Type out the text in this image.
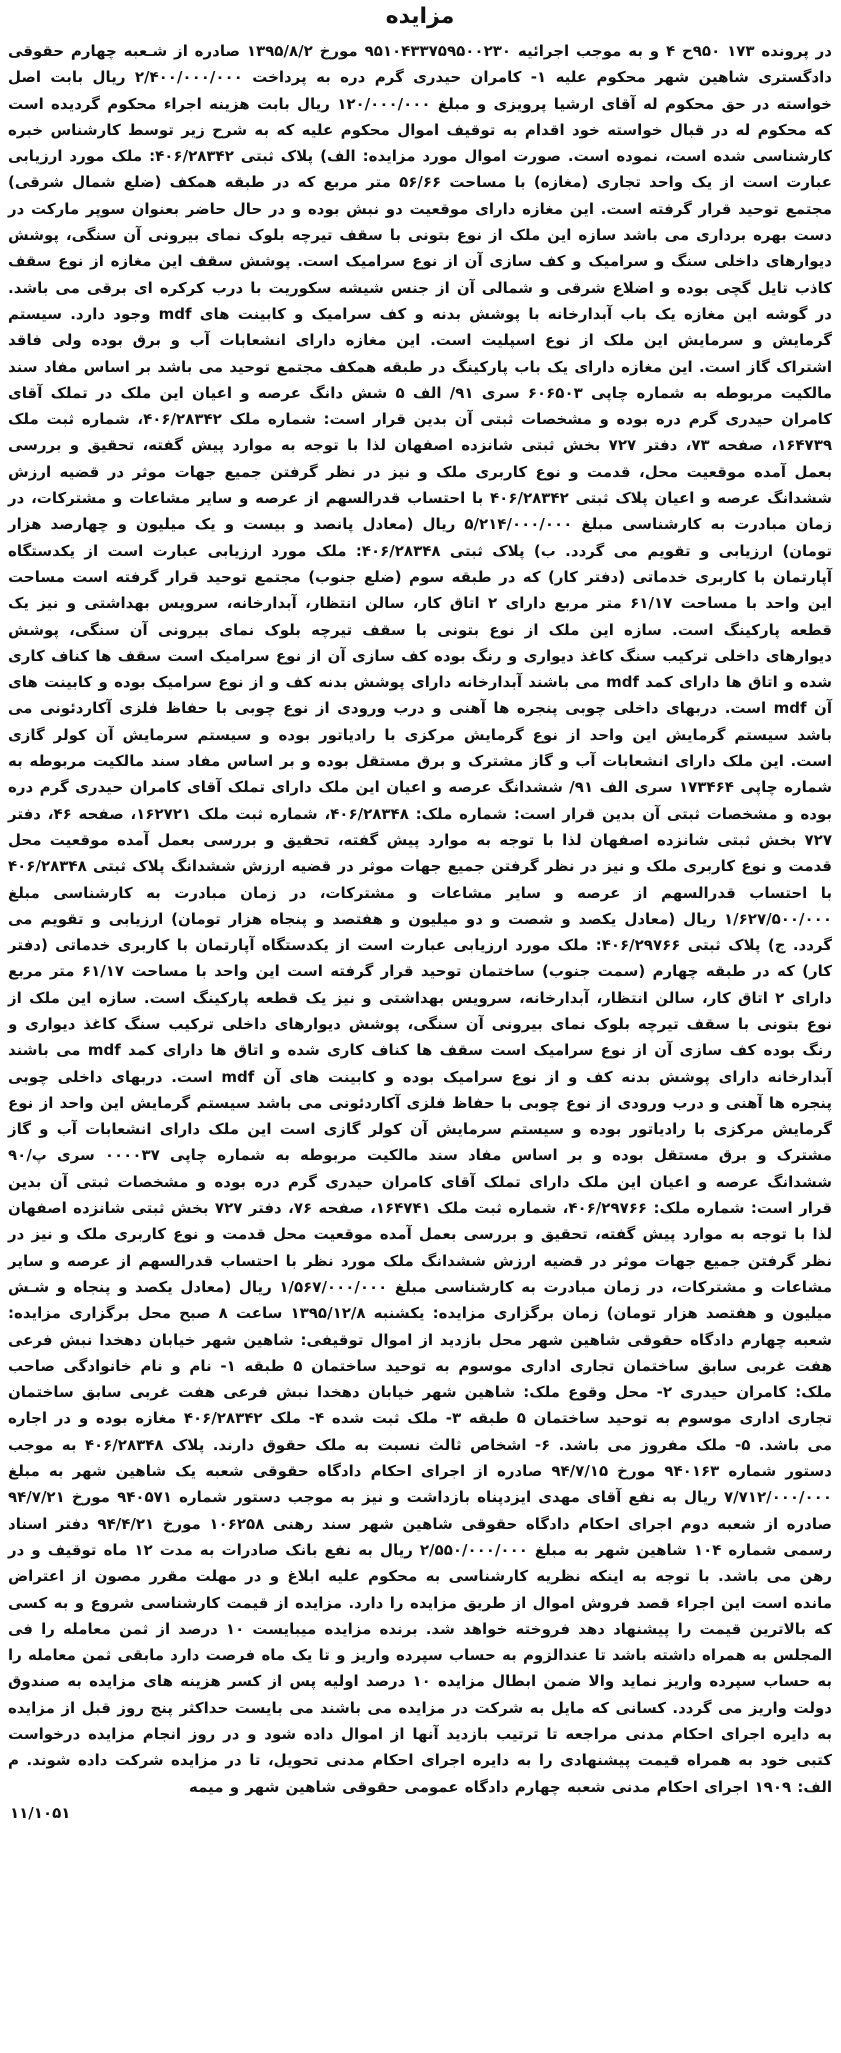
مزایده

در پرونده ۱۷۳ ۹۵۰ح ۴ و به موجب اجرائیه ۹۵۱۰۴۳۳۷۵۹۵۰۰۲۳۰ مورخ ۱۳۹۵/۸/۲ صادره از شـعبه چهارم حقوقی دادگستری شاهین شهر محکوم علیه ۱- کامران حیدری گرم دره به پرداخت ۲/۴۰۰/۰۰۰/۰۰۰ ریال بابت اصل خواسته در حق محکوم له آقای ارشیا پرویزی و مبلغ ۱۲۰/۰۰۰/۰۰۰ ریال بابت هزینه اجراء محکوم گردیده است که محکوم له در قبال خواسته خود اقدام به توقیف اموال محکوم علیه که به شرح زیر توسط کارشناس خبره کارشناسی شده است، نموده است. صورت اموال مورد مزایده: الف) پلاک ثبتی ۴۰۶/۲۸۳۴۲: ملک مورد ارزیابی عبارت است از یک واحد تجاری (مغازه) با مساحت ۵۶/۶۶ متر مربع که در طبقه همکف (ضلع شمال شرقی) مجتمع توحید قرار گرفته است. این مغازه دارای موقعیت دو نبش بوده و در حال حاضر بعنوان سوپر مارکت در دست بهره برداری می باشد سازه این ملک از نوع بتونی با سقف تیرچه بلوک نمای بیرونی آن سنگی، پوشش دیوارهای داخلی سنگ و سرامیک و کف سازی آن از نوع سرامیک است. پوشش سقف این مغازه از نوع سقف کاذب تایل گچی بوده و اضلاع شرقی و شمالی آن از جنس شیشه سکوریت با درب کرکره ای برقی می باشد. در گوشه این مغازه یک باب آبدارخانه با پوشش بدنه و کف سرامیک و کابینت های mdf وجود دارد. سیستم گرمایش و سرمایش این ملک از نوع اسپلیت است. این مغازه دارای انشعابات آب و برق بوده ولی فاقد اشتراک گاز است. این مغازه دارای یک باب پارکینگ در طبقه همکف مجتمع توحید می باشد بر اساس مفاد سند مالکیت مربوطه به شماره چاپی ۶۰۶۵۰۳ سری ۹۱/ الف ۵ شش دانگ عرصه و اعیان این ملک در تملک آقای کامران حیدری گرم دره بوده و مشخصات ثبتی آن بدین قرار است: شماره ملک ۴۰۶/۲۸۳۴۲، شماره ثبت ملک ۱۶۴۷۳۹، صفحه ۷۳، دفتر ۷۲۷ بخش ثبتی شانزده اصفهان لذا با توجه به موارد پیش گفته، تحقیق و بررسی بعمل آمده موقعیت محل، قدمت و نوع کاربری ملک و نیز در نظر گرفتن جمیع جهات موثر در قضیه ارزش ششدانگ عرصه و اعیان پلاک ثبتی ۴۰۶/۲۸۳۴۲ با احتساب قدرالسهم از عرصه و سایر مشاعات و مشترکات، در زمان مبادرت به کارشناسی مبلغ ۵/۲۱۴/۰۰۰/۰۰۰ ریال (معادل پانصد و بیست و یک میلیون و چهارصد هزار تومان) ارزیابی و تقویم می گردد. ب) پلاک ثبتی ۴۰۶/۲۸۳۴۸: ملک مورد ارزیابی عبارت است از یکدستگاه آپارتمان با کاربری خدماتی (دفتر کار) که در طبقه سوم (ضلع جنوب) مجتمع توحید قرار گرفته است مساحت این واحد با مساحت ۶۱/۱۷ متر مربع دارای ۲ اتاق کار، سالن انتظار، آبدارخانه، سرویس بهداشتی و نیز یک قطعه پارکینگ است. سازه این ملک از نوع بتونی با سقف تیرچه بلوک نمای بیرونی آن سنگی، پوشش دیوارهای داخلی ترکیب سنگ کاغذ دیواری و رنگ بوده کف سازی آن از نوع سرامیک است سقف ها کناف کاری شده و اتاق ها دارای کمد mdf می باشند آبدارخانه دارای پوشش بدنه کف و از نوع سرامیک بوده و کابینت های آن mdf است. دربهای داخلی چوبی پنجره ها آهنی و درب ورودی از نوع چوبی با حفاظ فلزی آکاردئونی می باشد سیستم گرمایش این واحد از نوع گرمایش مرکزی با رادیاتور بوده و سیستم سرمایش آن کولر گازی است. این ملک دارای انشعابات آب و گاز مشترک و برق مستقل بوده و بر اساس مفاد سند مالکیت مربوطه به شماره چاپی ۱۷۳۴۶۴ سری الف ۹۱/ ششدانگ عرصه و اعیان این ملک دارای تملک آقای کامران حیدری گرم دره بوده و مشخصات ثبتی آن بدین قرار است: شماره ملک: ۴۰۶/۲۸۳۴۸، شماره ثبت ملک ۱۶۲۷۲۱، صفحه ۴۶، دفتر ۷۲۷ بخش ثبتی شانزده اصفهان لذا با توجه به موارد پیش گفته، تحقیق و بررسی بعمل آمده موقعیت محل قدمت و نوع کاربری ملک و نیز در نظر گرفتن جمیع جهات موثر در قضیه ارزش ششدانگ پلاک ثبتی ۴۰۶/۲۸۳۴۸ با احتساب قدرالسهم از عرصه و سایر مشاعات و مشترکات، در زمان مبادرت به کارشناسی مبلغ ۱/۶۲۷/۵۰۰/۰۰۰ ریال (معادل یکصد و شصت و دو میلیون و هفتصد و پنجاه هزار تومان) ارزیابی و تقویم می گردد. ج) پلاک ثبتی ۴۰۶/۲۹۷۶۶: ملک مورد ارزیابی عبارت است از یکدستگاه آپارتمان با کاربری خدماتی (دفتر کار) که در طبقه چهارم (سمت جنوب) ساختمان توحید قرار گرفته است این واحد با مساحت ۶۱/۱۷ متر مربع دارای ۲ اتاق کار، سالن انتظار، آبدارخانه، سرویس بهداشتی و نیز یک قطعه پارکینگ است. سازه این ملک از نوع بتونی با سقف تیرچه بلوک نمای بیرونی آن سنگی، پوشش دیوارهای داخلی ترکیب سنگ کاغذ دیواری و رنگ بوده کف سازی آن از نوع سرامیک است سقف ها کناف کاری شده و اتاق ها دارای کمد mdf می باشند آبدارخانه دارای پوشش بدنه کف و از نوع سرامیک بوده و کابینت های آن mdf است. دربهای داخلی چوبی پنجره ها آهنی و درب ورودی از نوع چوبی با حفاظ فلزی آکاردئونی می باشد سیستم گرمایش این واحد از نوع گرمایش مرکزی با رادیاتور بوده و سیستم سرمایش آن کولر گازی است این ملک دارای انشعابات آب و گاز مشترک و برق مستقل بوده و بر اساس مفاد سند مالکیت مربوطه به شماره چاپی ۰۰۰۰۳۷ سری پ/۹۰ ششدانگ عرصه و اعیان این ملک دارای تملک آقای کامران حیدری گرم دره بوده و مشخصات ثبتی آن بدین قرار است: شماره ملک: ۴۰۶/۲۹۷۶۶، شماره ثبت ملک ۱۶۴۷۴۱، صفحه ۷۶، دفتر ۷۲۷ بخش ثبتی شانزده اصفهان لذا با توجه به موارد پیش گفته، تحقیق و بررسی بعمل آمده موقعیت محل قدمت و نوع کاربری ملک و نیز در نظر گرفتن جمیع جهات موثر در قضیه ارزش ششدانگ ملک مورد نظر با احتساب قدرالسهم از عرصه و سایر مشاعات و مشترکات، در زمان مبادرت به کارشناسی مبلغ ۱/۵۶۷/۰۰۰/۰۰۰ ریال (معادل یکصد و پنجاه و شـش میلیون و هفتصد هزار تومان) زمان برگزاری مزایده: یکشنبه ۱۳۹۵/۱۲/۸ ساعت ۸ صبح محل برگزاری مزایده: شعبه چهارم دادگاه حقوقی شاهین شهر محل بازدید از اموال توقیفی: شاهین شهر خیابان دهخدا نبش فرعی هفت غربی سابق ساختمان تجاری اداری موسوم به توحید ساختمان ۵ طبقه ۱- نام و نام خانوادگی صاحب ملک: کامران حیدری ۲- محل وقوع ملک: شاهین شهر خیابان دهخدا نبش فرعی هفت غربی سابق ساختمان تجاری اداری موسوم به توحید ساختمان ۵ طبقه ۳- ملک ثبت شده ۴- ملک ۴۰۶/۲۸۳۴۲ مغازه بوده و در اجاره می باشد. ۵- ملک مفروز می باشد. ۶- اشخاص ثالث نسبت به ملک حقوق دارند. پلاک ۴۰۶/۲۸۳۴۸ به موجب دستور شماره ۹۴۰۱۶۳ مورخ ۹۴/۷/۱۵ صادره از اجرای احکام دادگاه حقوقی شعبه یک شاهین شهر به مبلغ ۷/۷۱۲/۰۰۰/۰۰۰ ریال به نفع آقای مهدی ایزدپناه بازداشت و نیز به موجب دستور شماره ۹۴۰۵۷۱ مورخ ۹۴/۷/۲۱ صادره از شعبه دوم اجرای احکام دادگاه حقوقی شاهین شهر سند رهنی ۱۰۶۲۵۸ مورخ ۹۴/۴/۲۱ دفتر اسناد رسمی شماره ۱۰۴ شاهین شهر به مبلغ ۲/۵۵۰/۰۰۰/۰۰۰ ریال به نفع بانک صادرات به مدت ۱۲ ماه توقیف و در رهن می باشد. با توجه به اینکه نظریه کارشناسی به محکوم علیه ابلاغ و در مهلت مقرر مصون از اعتراض مانده است این اجراء قصد فروش اموال از طریق مزایده را دارد. مزایده از قیمت کارشناسی شروع و به کسی که بالاترین قیمت را پیشنهاد دهد فروخته خواهد شد. برنده مزایده میبایست ۱۰ درصد از ثمن معامله را فی المجلس به همراه داشته باشد تا عندالزوم به حساب سپرده واریز و تا یک ماه فرصت دارد مابقی ثمن معامله را به حساب سپرده واریز نماید والا ضمن ابطال مزایده ۱۰ درصد اولیه پس از کسر هزینه های مزایده به صندوق دولت واریز می گردد. کسانی که مایل به شرکت در مزایده می باشند می بایست حداکثر پنج روز قبل از مزایده به دایره اجرای احکام مدنی مراجعه تا ترتیب بازدید آنها از اموال داده شود و در روز انجام مزایده درخواست کتبی خود به همراه قیمت پیشنهادی را به دایره اجرای احکام مدنی تحویل، تا در مزایده شرکت داده شوند. م الف: ۱۹۰۹ اجرای احکام مدنی شعبه چهارم دادگاه عمومی حقوقی شاهین شهر و میمه

۱۱/۱۰۵۱
